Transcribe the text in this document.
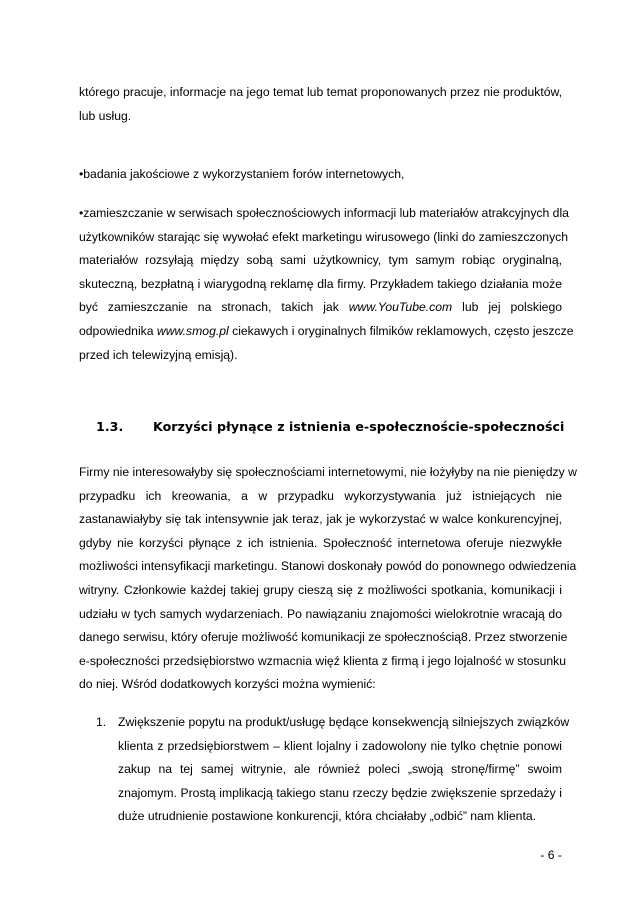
którego pracuje, informacje na jego temat lub temat proponowanych przez nie produktów,
lub usług.
•badania jakościowe z wykorzystaniem forów internetowych,
•zamieszczanie w serwisach społecznościowych informacji lub materiałów atrakcyjnych dla
użytkowników starając się wywołać efekt marketingu wirusowego (linki do zamieszczonych
materiałów rozsyłają między sobą sami użytkownicy, tym samym robiąc oryginalną,
skuteczną, bezpłatną i wiarygodną reklamę dla firmy. Przykładem takiego działania może
być zamieszczanie na stronach, takich jak www.YouTube.com lub jej polskiego
odpowiednika www.smog.pl ciekawych i oryginalnych filmików reklamowych, często jeszcze
przed ich telewizyjną emisją).
1.3. Korzyści płynące z istnienia e-społecznoście-społeczności
Firmy nie interesowałyby się społecznościami internetowymi, nie łożyłyby na nie pieniędzy w
przypadku ich kreowania, a w przypadku wykorzystywania już istniejących nie
zastanawiałyby się tak intensywnie jak teraz, jak je wykorzystać w walce konkurencyjnej,
gdyby nie korzyści płynące z ich istnienia. Społeczność internetowa oferuje niezwykłe
możliwości intensyfikacji marketingu. Stanowi doskonały powód do ponownego odwiedzenia
witryny. Członkowie każdej takiej grupy cieszą się z możliwości spotkania, komunikacji i
udziału w tych samych wydarzeniach. Po nawiązaniu znajomości wielokrotnie wracają do
danego serwisu, który oferuje możliwość komunikacji ze społecznością8. Przez stworzenie
e-społeczności przedsiębiorstwo wzmacnia więź klienta z firmą i jego lojalność w stosunku
do niej. Wśród dodatkowych korzyści można wymienić:
1. Zwiększenie popytu na produkt/usługę będące konsekwencją silniejszych związków
klienta z przedsiębiorstwem – klient lojalny i zadowolony nie tylko chętnie ponowi
zakup na tej samej witrynie, ale również poleci „swoją stronę/firmę” swoim
znajomym. Prostą implikacją takiego stanu rzeczy będzie zwiększenie sprzedaży i
duże utrudnienie postawione konkurencji, która chciałaby „odbić” nam klienta.
- 6 -
